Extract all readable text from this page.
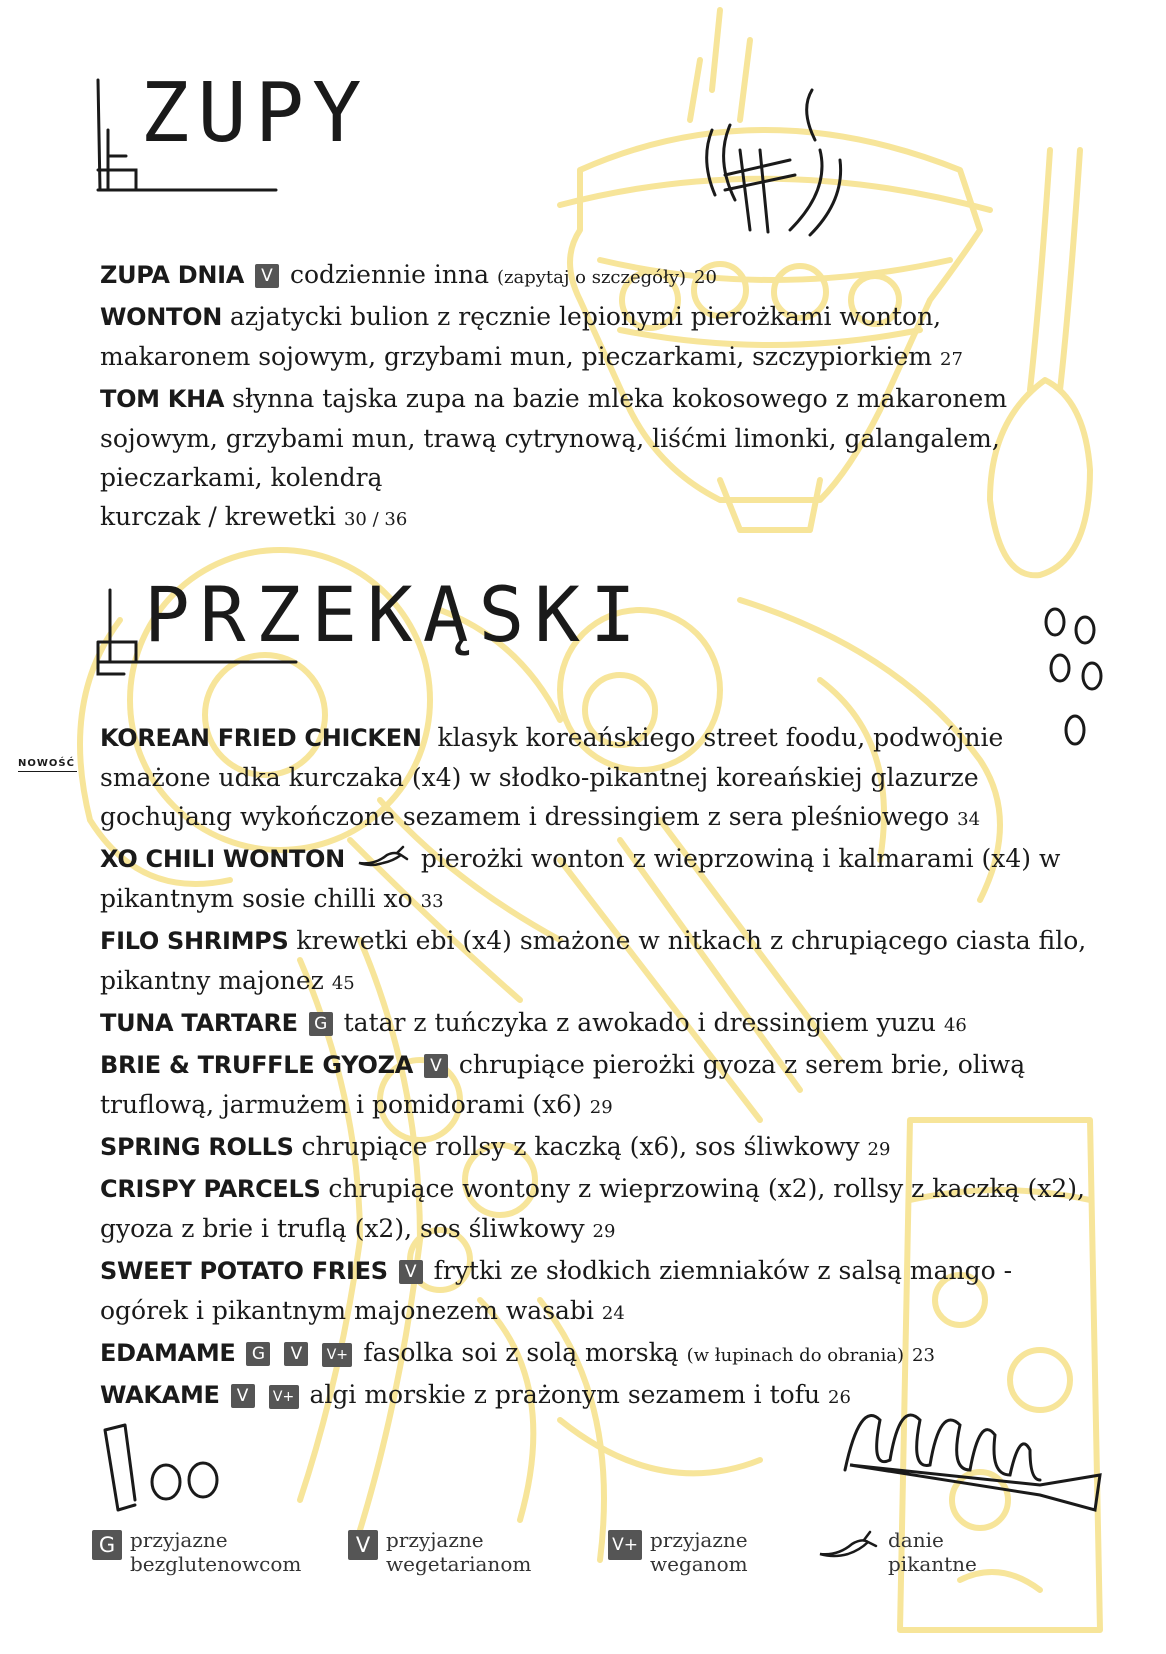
ZUPY

ZUPA DNIA V codziennie inna (zapytaj o szczegóły) 20

WONTON azjatycki bulion z ręcznie lepionymi pierożkami wonton, makaronem sojowym, grzybami mun, pieczarkami, szczypiorkiem 27

TOM KHA słynna tajska zupa na bazie mleka kokosowego z makaronem sojowym, grzybami mun, trawą cytrynową, liśćmi limonki, galangalem, pieczarkami, kolendrą
kurczak / krewetki 30 / 36

PRZEKĄSKI
NOWOŚĆ

KOREAN FRIED CHICKEN klasyk koreańskiego street foodu, podwójnie smażone udka kurczaka (x4) w słodko-pikantnej koreańskiej glazurze gochujang wykończone sezamem i dressingiem z sera pleśniowego 34

XO CHILI WONTON	pierożki wonton z wieprzowiną i kalmarami (x4) w pikantnym sosie chilli xo 33

FILO SHRIMPS krewetki ebi (x4) smażone w nitkach z chrupiącego ciasta filo, pikantny majonez 45

TUNA TARTARE G tatar z tuńczyka z awokado i dressingiem yuzu 46

BRIE & TRUFFLE GYOZA V chrupiące pierożki gyoza z serem brie, oliwą truflową, jarmużem i pomidorami (x6) 29

SPRING ROLLS chrupiące rollsy z kaczką (x6), sos śliwkowy 29

CRISPY PARCELS chrupiące wontony z wieprzowiną (x2), rollsy z kaczką (x2), gyoza z brie i truflą (x2), sos śliwkowy 29

SWEET POTATO FRIES V frytki ze słodkich ziemniaków z salsą mango - ogórek i pikantnym majonezem wasabi 24

EDAMAME G V V+ fasolka soi z solą morską (w łupinach do obrania) 23

WAKAME V V+ algi morskie z prażonym sezamem i tofu 26

G przyjazne bezglutenowcom
V przyjazne wegetarianom
V+ przyjazne weganom
danie pikantne
